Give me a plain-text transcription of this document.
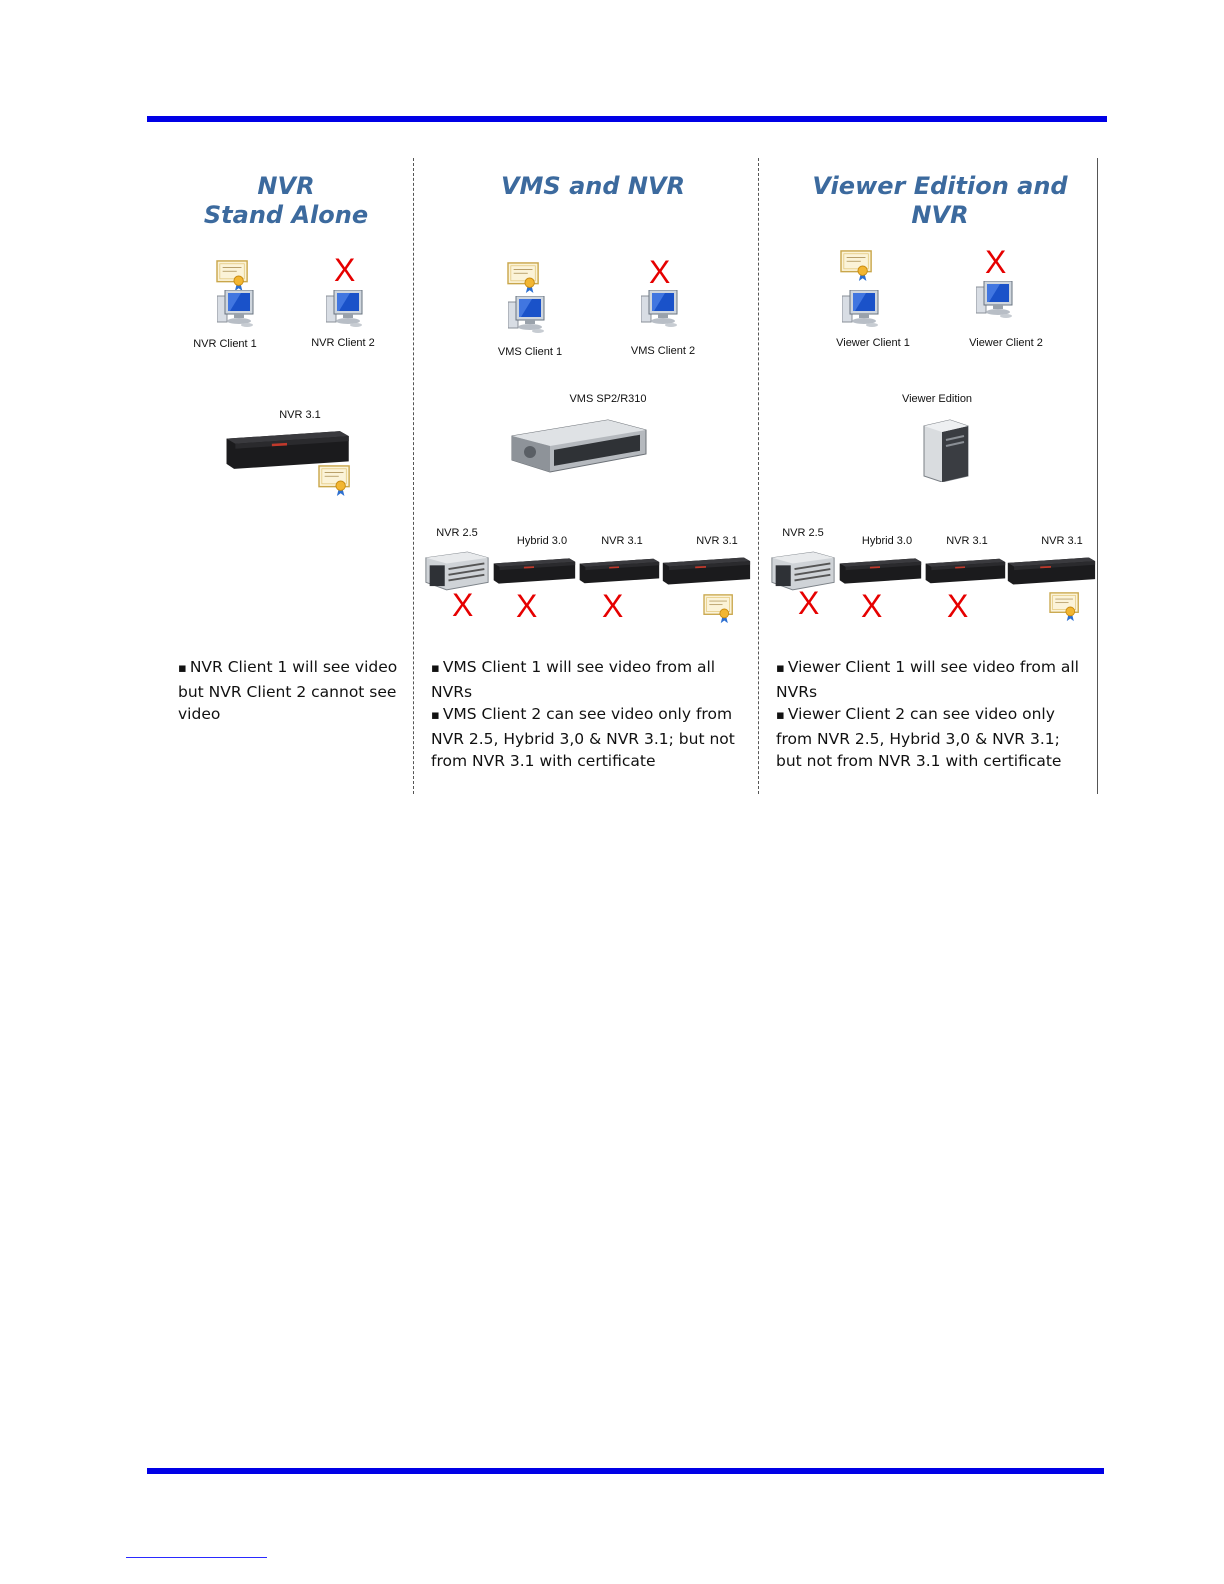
NVR
Stand Alone
NVR Client 1
X
NVR Client 2
NVR 3.1
▪ NVR Client 1 will see video but NVR Client 2 cannot see video
VMS and NVR
VMS Client 1
X
VMS Client 2
VMS SP2/R310
NVR 2.5
Hybrid 3.0	NVR 3.1	NVR 3.1
X X X
▪ VMS Client 1 will see video from all NVRs
▪ VMS Client 2 can see video only from NVR 2.5, Hybrid 3,0 & NVR 3.1; but not from NVR 3.1 with certificate
Viewer Edition and
NVR
Viewer Client 1
X
Viewer Client 2
Viewer Edition
NVR 2.5
Hybrid 3.0	NVR 3.1	NVR 3.1
X X X
▪ Viewer Client 1 will see video from all NVRs
▪ Viewer Client 2 can see video only from NVR 2.5, Hybrid 3,0 & NVR 3.1; but not from NVR 3.1 with certificate
